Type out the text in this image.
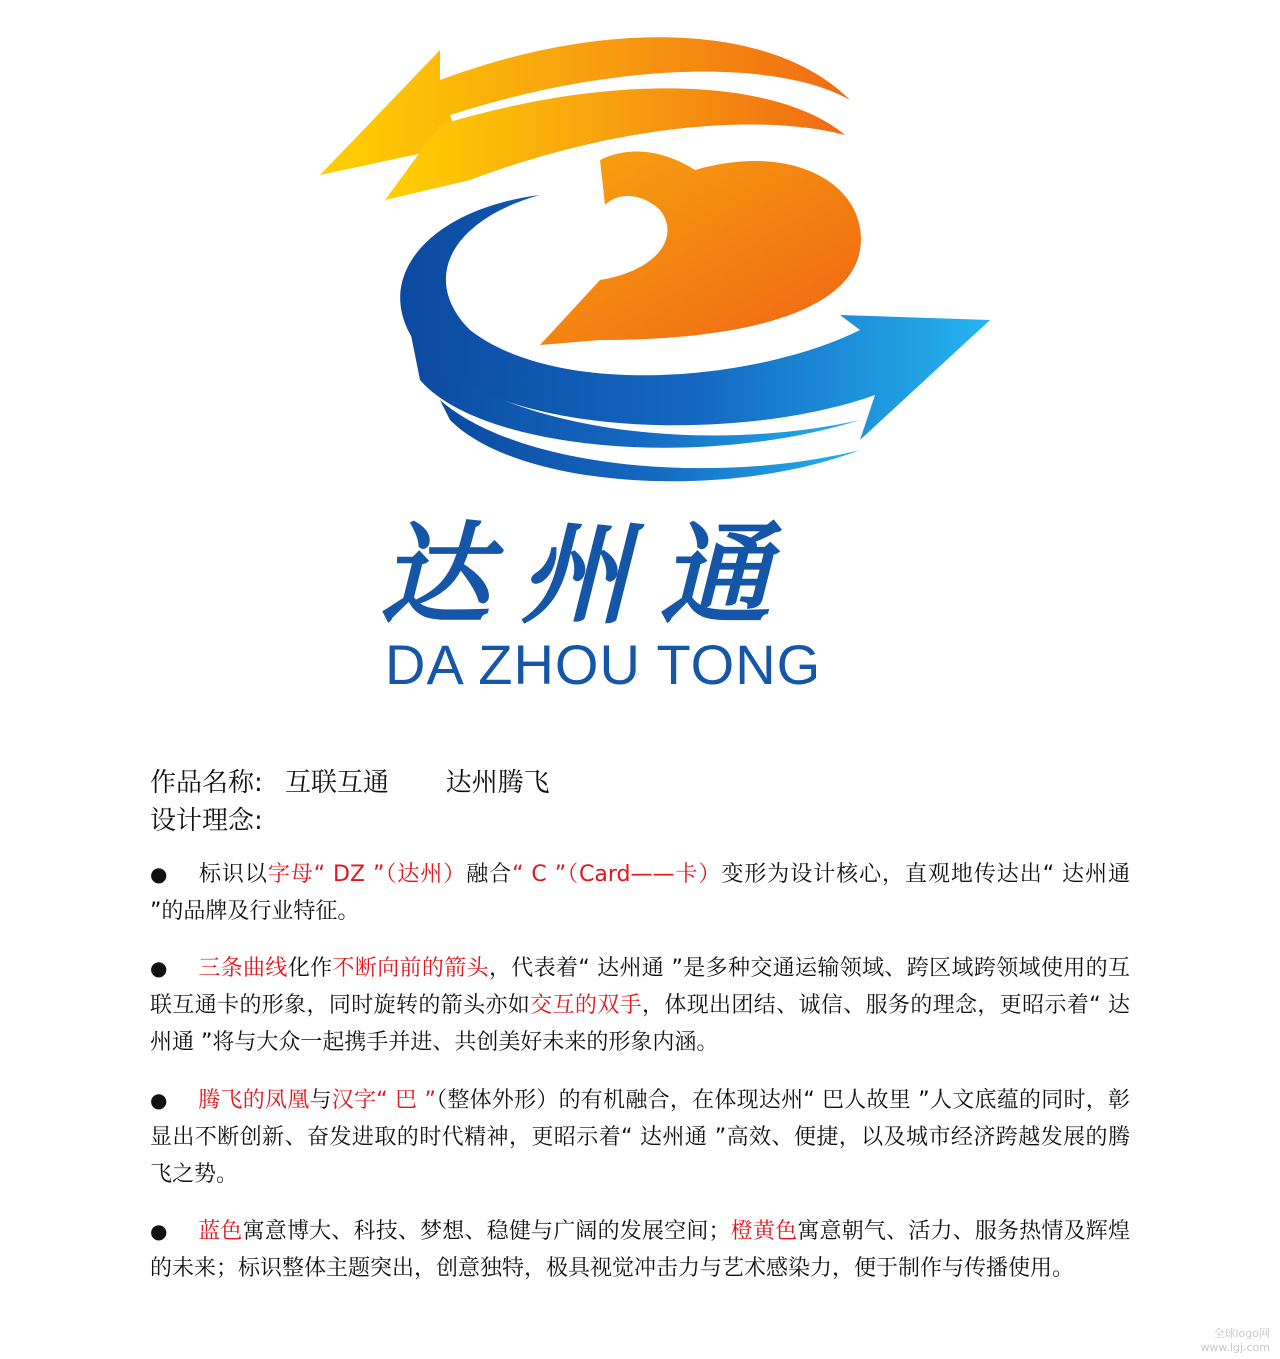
达州通
DA ZHOU TONG
作品名称: 互联互通 达州腾飞
设计理念:
● 标识以字母“ DZ ”（达州）融合“ C ”（Card——卡）变形为设计核心，直观地传达出“ 达州通 ”的品牌及行业特征。
● 三条曲线化作不断向前的箭头，代表着“ 达州通 ”是多种交通运输领域、跨区域跨领域使用的互联互通卡的形象，同时旋转的箭头亦如交互的双手，体现出团结、诚信、服务的理念，更昭示着“ 达州通 ”将与大众一起携手并进、共创美好未来的形象内涵。
● 腾飞的凤凰与汉字“ 巴 ”（整体外形）的有机融合，在体现达州“ 巴人故里 ”人文底蕴的同时，彰显出不断创新、奋发进取的时代精神，更昭示着“ 达州通 ”高效、便捷，以及城市经济跨越发展的腾飞之势。
● 蓝色寓意博大、科技、梦想、稳健与广阔的发展空间；橙黄色寓意朝气、活力、服务热情及辉煌的未来；标识整体主题突出，创意独特，极具视觉冲击力与艺术感染力，便于制作与传播使用。
全球logo网
www.lgj.com
